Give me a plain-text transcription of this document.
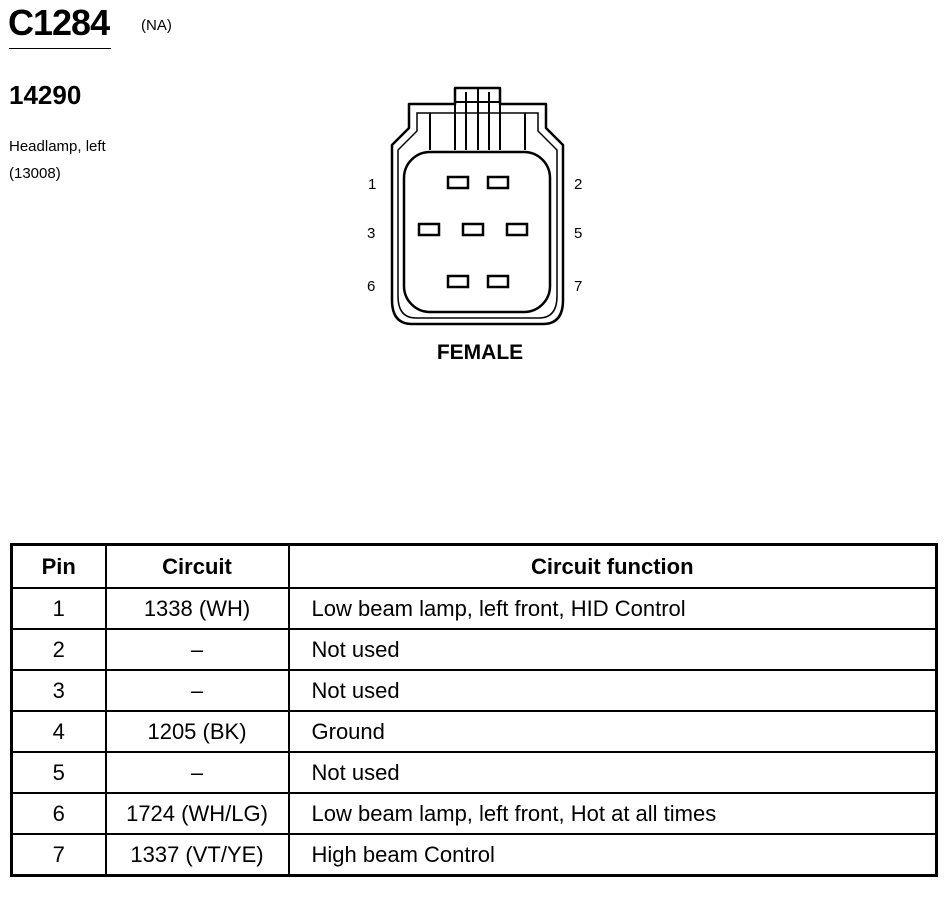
C1284 (NA)
14290
Headlamp, left
(13008)
1	2
3	5
6	7
FEMALE
Pin	Circuit	Circuit function
1	1338 (WH)	Low beam lamp, left front, HID Control
2	–	Not used
3	–	Not used
4	1205 (BK)	Ground
5	–	Not used
6	1724 (WH/LG)	Low beam lamp, left front, Hot at all times
7	1337 (VT/YE)	High beam Control
